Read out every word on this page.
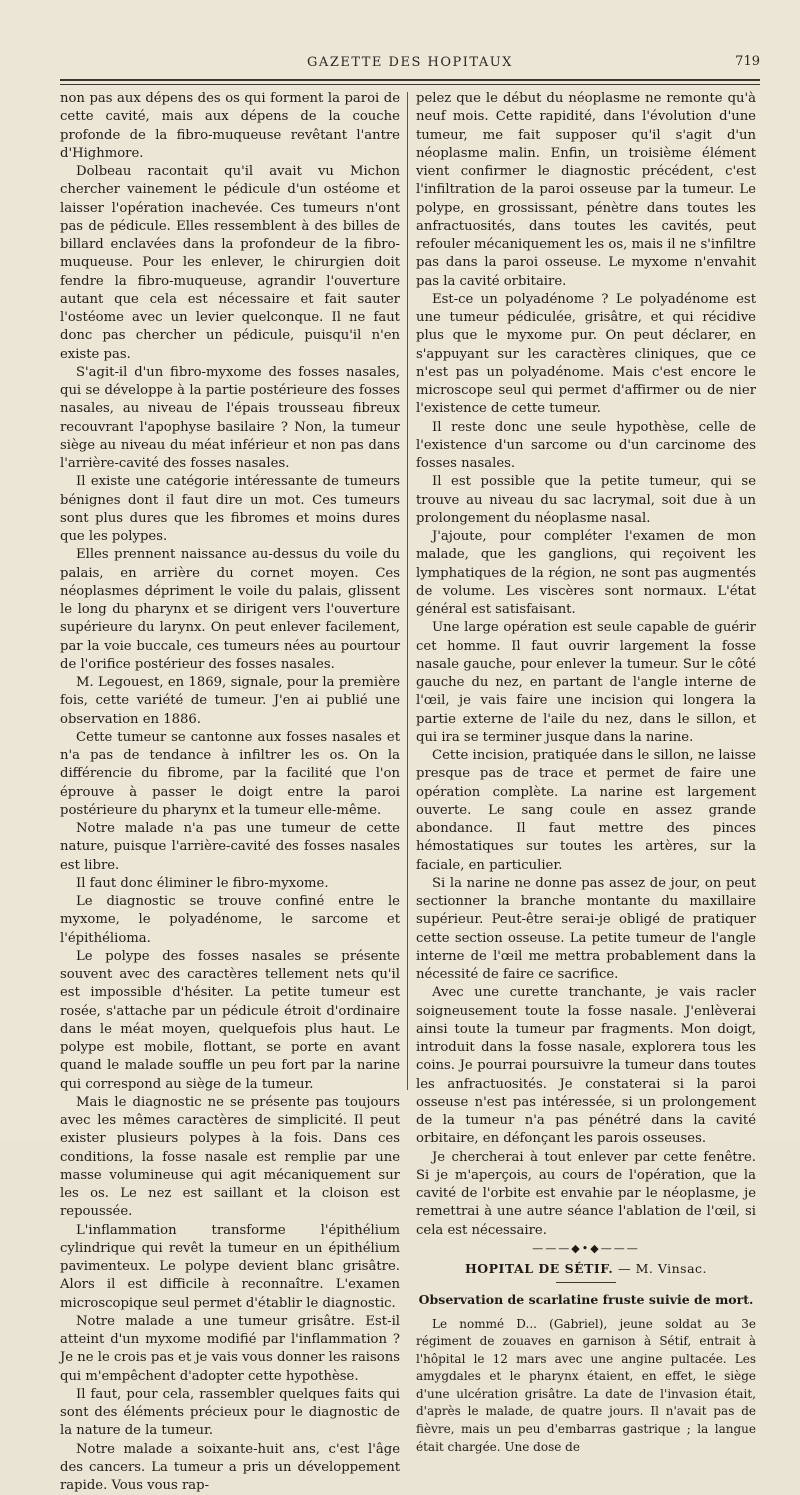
GAZETTE DES HOPITAUX	719

non pas aux dépens des os qui forment la paroi de cette cavité, mais aux dépens de la couche profonde de la fibro-muqueuse revêtant l'antre d'Highmore.

Dolbeau racontait qu'il avait vu Michon chercher vainement le pédicule d'un ostéome et laisser l'opération inachevée. Ces tumeurs n'ont pas de pédicule. Elles ressemblent à des billes de billard enclavées dans la profondeur de la fibro-muqueuse. Pour les enlever, le chirurgien doit fendre la fibro-muqueuse, agrandir l'ouverture autant que cela est nécessaire et fait sauter l'ostéome avec un levier quelconque. Il ne faut donc pas chercher un pédicule, puisqu'il n'en existe pas.

S'agit-il d'un fibro-myxome des fosses nasales, qui se développe à la partie postérieure des fosses nasales, au niveau de l'épais trousseau fibreux recouvrant l'apophyse basilaire ? Non, la tumeur siège au niveau du méat inférieur et non pas dans l'arrière-cavité des fosses nasales.

Il existe une catégorie intéressante de tumeurs bénignes dont il faut dire un mot. Ces tumeurs sont plus dures que les fibromes et moins dures que les polypes.

Elles prennent naissance au-dessus du voile du palais, en arrière du cornet moyen. Ces néoplasmes dépriment le voile du palais, glissent le long du pharynx et se dirigent vers l'ouverture supérieure du larynx. On peut enlever facilement, par la voie buccale, ces tumeurs nées au pourtour de l'orifice postérieur des fosses nasales.

M. Legouest, en 1869, signale, pour la première fois, cette variété de tumeur. J'en ai publié une observation en 1886.

Cette tumeur se cantonne aux fosses nasales et n'a pas de tendance à infiltrer les os. On la différencie du fibrome, par la facilité que l'on éprouve à passer le doigt entre la paroi postérieure du pharynx et la tumeur elle-même.

Notre malade n'a pas une tumeur de cette nature, puisque l'arrière-cavité des fosses nasales est libre.

Il faut donc éliminer le fibro-myxome.

Le diagnostic se trouve confiné entre le myxome, le polyadénome, le sarcome et l'épithélioma.

Le polype des fosses nasales se présente souvent avec des caractères tellement nets qu'il est impossible d'hésiter. La petite tumeur est rosée, s'attache par un pédicule étroit d'ordinaire dans le méat moyen, quelquefois plus haut. Le polype est mobile, flottant, se porte en avant quand le malade souffle un peu fort par la narine qui correspond au siège de la tumeur.

Mais le diagnostic ne se présente pas toujours avec les mêmes caractères de simplicité. Il peut exister plusieurs polypes à la fois. Dans ces conditions, la fosse nasale est remplie par une masse volumineuse qui agit mécaniquement sur les os. Le nez est saillant et la cloison est repoussée.

L'inflammation transforme l'épithélium cylindrique qui revêt la tumeur en un épithélium pavimenteux. Le polype devient blanc grisâtre. Alors il est difficile à reconnaître. L'examen microscopique seul permet d'établir le diagnostic.

Notre malade a une tumeur grisâtre. Est-il atteint d'un myxome modifié par l'inflammation ? Je ne le crois pas et je vais vous donner les raisons qui m'empêchent d'adopter cette hypothèse.

Il faut, pour cela, rassembler quelques faits qui sont des éléments précieux pour le diagnostic de la nature de la tumeur.

Notre malade a soixante-huit ans, c'est l'âge des cancers. La tumeur a pris un développement rapide. Vous vous rap-

pelez que le début du néoplasme ne remonte qu'à neuf mois. Cette rapidité, dans l'évolution d'une tumeur, me fait supposer qu'il s'agit d'un néoplasme malin. Enfin, un troisième élément vient confirmer le diagnostic précédent, c'est l'infiltration de la paroi osseuse par la tumeur. Le polype, en grossissant, pénètre dans toutes les anfractuosités, dans toutes les cavités, peut refouler mécaniquement les os, mais il ne s'infiltre pas dans la paroi osseuse. Le myxome n'envahit pas la cavité orbitaire.

Est-ce un polyadénome ? Le polyadénome est une tumeur pédiculée, grisâtre, et qui récidive plus que le myxome pur. On peut déclarer, en s'appuyant sur les caractères cliniques, que ce n'est pas un polyadénome. Mais c'est encore le microscope seul qui permet d'affirmer ou de nier l'existence de cette tumeur.

Il reste donc une seule hypothèse, celle de l'existence d'un sarcome ou d'un carcinome des fosses nasales.

Il est possible que la petite tumeur, qui se trouve au niveau du sac lacrymal, soit due à un prolongement du néoplasme nasal.

J'ajoute, pour compléter l'examen de mon malade, que les ganglions, qui reçoivent les lymphatiques de la région, ne sont pas augmentés de volume. Les viscères sont normaux. L'état général est satisfaisant.

Une large opération est seule capable de guérir cet homme. Il faut ouvrir largement la fosse nasale gauche, pour enlever la tumeur. Sur le côté gauche du nez, en partant de l'angle interne de l'œil, je vais faire une incision qui longera la partie externe de l'aile du nez, dans le sillon, et qui ira se terminer jusque dans la narine.

Cette incision, pratiquée dans le sillon, ne laisse presque pas de trace et permet de faire une opération complète. La narine est largement ouverte. Le sang coule en assez grande abondance. Il faut mettre des pinces hémostatiques sur toutes les artères, sur la faciale, en particulier.

Si la narine ne donne pas assez de jour, on peut sectionner la branche montante du maxillaire supérieur. Peut-être serai-je obligé de pratiquer cette section osseuse. La petite tumeur de l'angle interne de l'œil me mettra probablement dans la nécessité de faire ce sacrifice.

Avec une curette tranchante, je vais racler soigneusement toute la fosse nasale. J'enlèverai ainsi toute la tumeur par fragments. Mon doigt, introduit dans la fosse nasale, explorera tous les coins. Je pourrai poursuivre la tumeur dans toutes les anfractuosités. Je constaterai si la paroi osseuse n'est pas intéressée, si un prolongement de la tumeur n'a pas pénétré dans la cavité orbitaire, en défonçant les parois osseuses.

Je chercherai à tout enlever par cette fenêtre. Si je m'aperçois, au cours de l'opération, que la cavité de l'orbite est envahie par le néoplasme, je remettrai à une autre séance l'ablation de l'œil, si cela est nécessaire.

———◆•◆———

HOPITAL DE SÉTIF. — M. Vinsac.
Observation de scarlatine fruste suivie de mort.

Le nommé D... (Gabriel), jeune soldat au 3e régiment de zouaves en garnison à Sétif, entrait à l'hôpital le 12 mars avec une angine pultacée. Les amygdales et le pharynx étaient, en effet, le siège d'une ulcération grisâtre. La date de l'invasion était, d'après le malade, de quatre jours. Il n'avait pas de fièvre, mais un peu d'embarras gastrique ; la langue était chargée. Une dose de
